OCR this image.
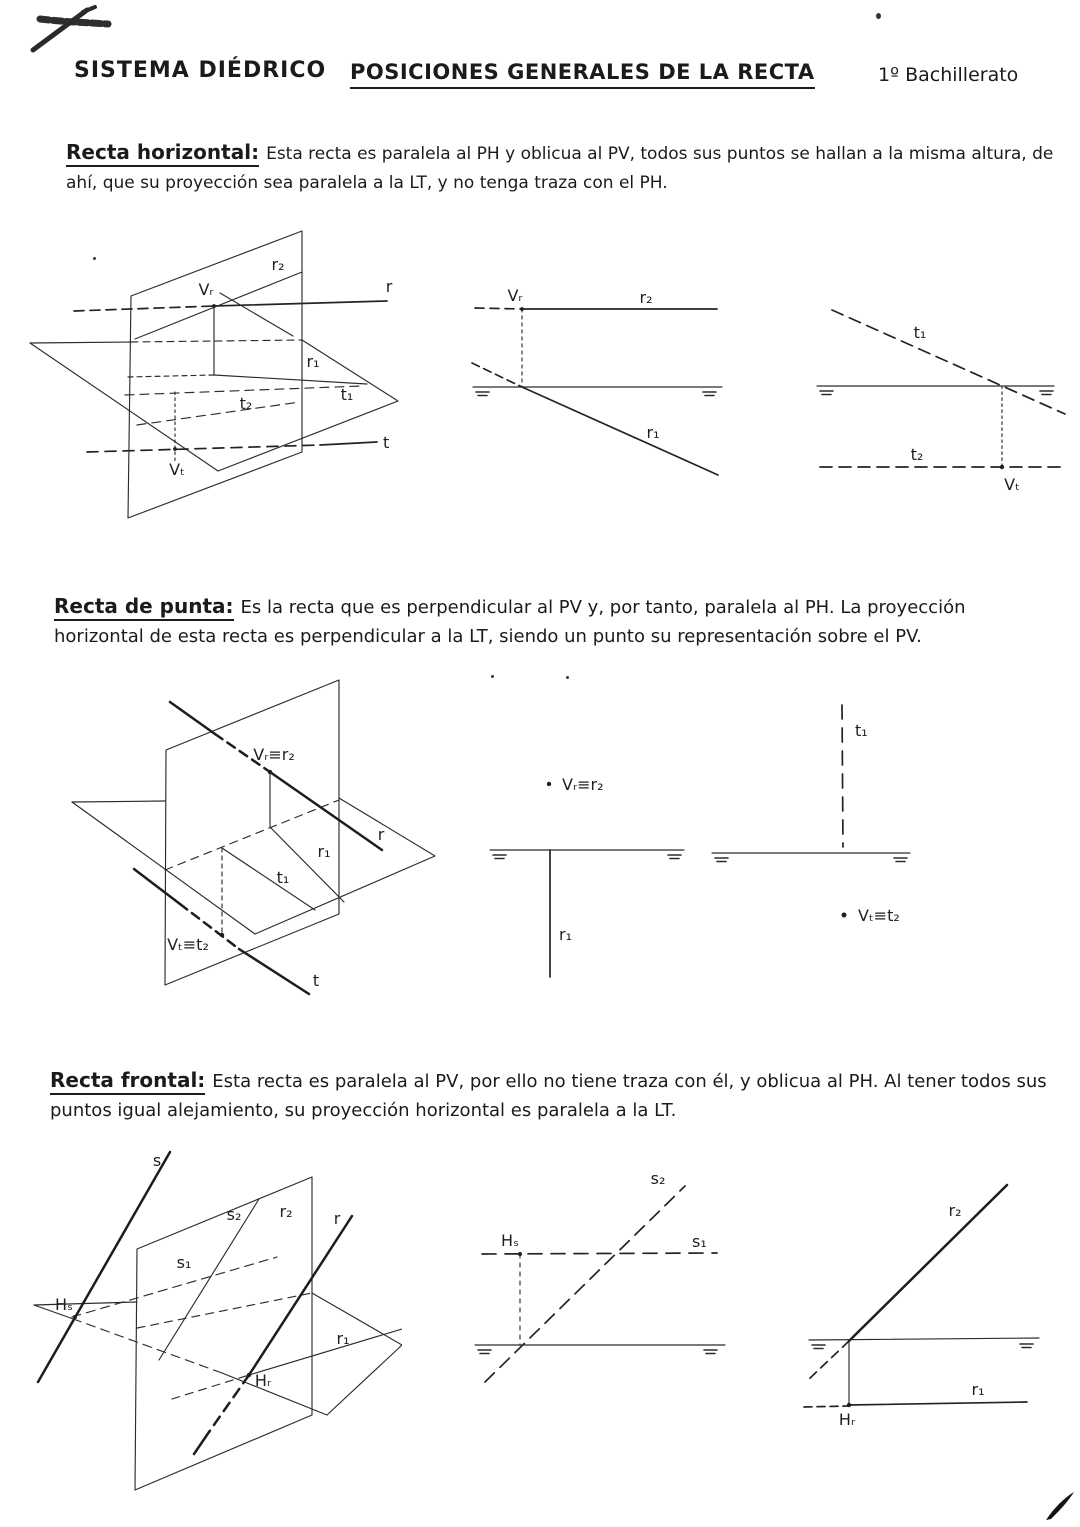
SISTEMA DIÉDRICO POSICIONES GENERALES DE LA RECTA	1º Bachillerato

Recta horizontal: Esta recta es paralela al PH y oblicua al PV, todos sus puntos se hallan a la misma altura, de ahí, que su proyección sea paralela a la LT, y no tenga traza con el PH.

r₂
Vᵣ	r
r₁
t₁
t₂
t
Vₜ
Vᵣ	r₂
r₁
t₁
t₂
Vₜ

Recta de punta: Es la recta que es perpendicular al PV y, por tanto, paralela al PH. La proyección horizontal de esta recta es perpendicular a la LT, siendo un punto su representación sobre el PV.

Vᵣ≡r₂
r
r₁
t₁
Vₜ≡t₂
t
Vᵣ≡r₂
r₁
t₁
Vₜ≡t₂

Recta frontal: Esta recta es paralela al PV, por ello no tiene traza con él, y oblicua al PH. Al tener todos sus puntos igual alejamiento, su proyección horizontal es paralela a la LT.

s
s₂ r₂	r
s₁
Hₛ
r₁
Hᵣ
s₂
Hₛ	s₁
r₂
r₁
Hᵣ
